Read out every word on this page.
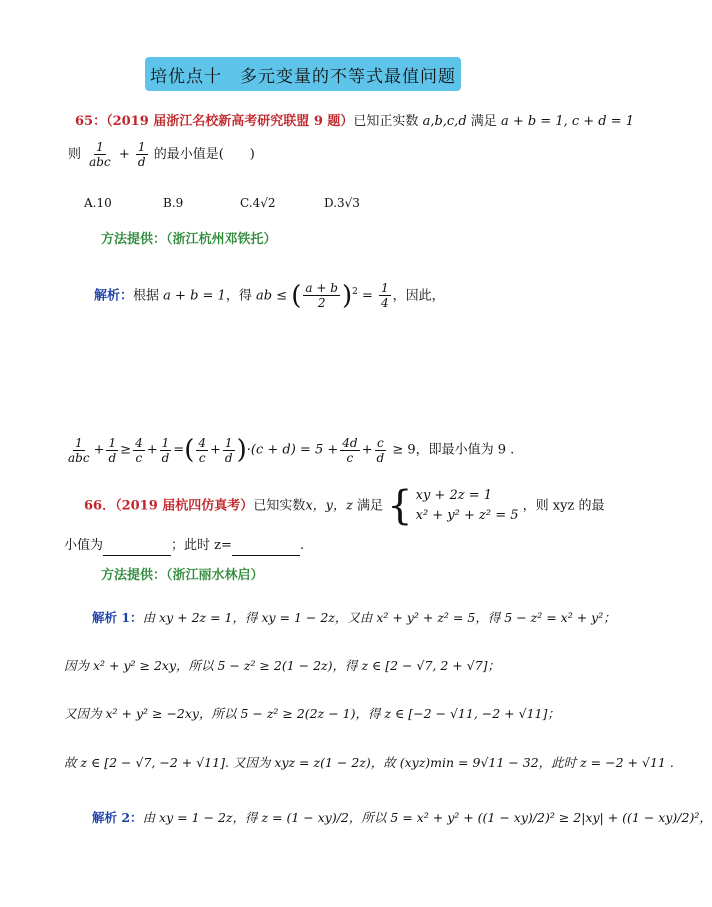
培优点十　多元变量的不等式最值问题
65：（2019 届浙江名校新高考研究联盟 9 题）已知正实数 a,b,c,d 满足 a + b = 1, c + d = 1
则 $\frac{1}{\text{abc}} + \frac{1}{d}$ 的最小值是(　　)
A.10	B.9	C.4√2	D.3√3
方法提供：（浙江杭州邓铁托）
解析：根据 a + b = 1，得 ab ≤ ( $\frac{a + b}{2} )^2 = \frac{1}{4}$ ，因此，
$\frac{1}{\text{abc}} + \frac{1}{d} \ge \frac{4}{c} + \frac{1}{d}$ =( $\frac{4}{c} + \frac{1}{d} )\cdot(c + d) = 5 + \frac{4d}{c} + \frac{c}{d} \ge 9$，即最小值为 9 .
66．（2019 届杭四仿真考）已知实数x，y，z 满足 { xy + 2z = 1
x² + y² + z² = 5
，则 xyz 的最
小值为	；此时 z=	.
方法提供：（浙江丽水林启）
解析 1：由 xy + 2z = 1，得 xy = 1 − 2z，又由 x² + y² + z² = 5，得 5 − z² = x² + y²；
因为 x² + y² ≥ 2xy，所以 5 − z² ≥ 2(1 − 2z)，得 z ∈ [2 − √7, 2 + √7]；
又因为 x² + y² ≥ −2xy，所以 5 − z² ≥ 2(2z − 1)，得 z ∈ [−2 − √11, −2 + √11]；
故 z ∈ [2 − √7, −2 + √11]. 又因为 xyz = z(1 − 2z)，故 (xyz)min = 9√11 − 32，此时 z = −2 + √11 .
解析 2：由 xy = 1 − 2z，得 z = (1 − xy)/2，所以 5 = x² + y² + ((1 − xy)/2)² ≥ 2|xy| + ((1 − xy)/2)²，
